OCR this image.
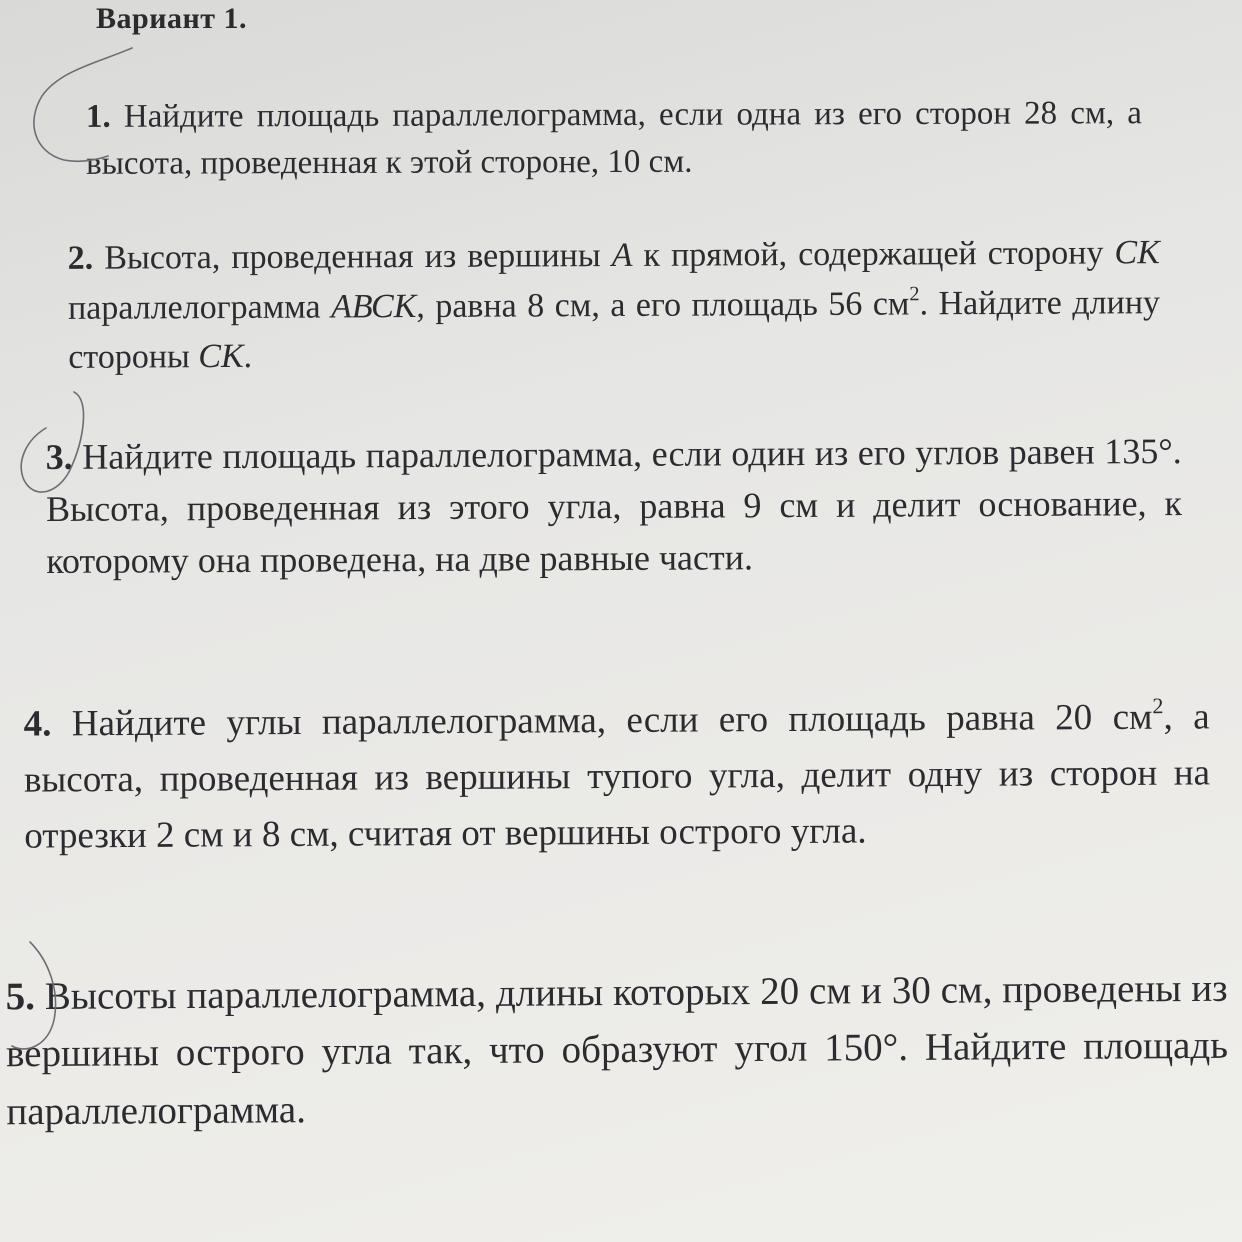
Вариант 1.
1. Найдите площадь параллелограмма, если одна из его сторон 28 см, а высота, проведенная к этой стороне, 10 см.
2. Высота, проведенная из вершины А к прямой, содержащей сторону СК параллелограмма АВСК, равна 8 см, а его площадь 56 $см^2$. Найдите длину стороны СК.
3. Найдите площадь параллелограмма, если один из его углов равен 135°. Высота, проведенная из этого угла, равна 9 см и делит основание, к которому она проведена, на две равные части.
4. Найдите углы параллелограмма, если его площадь равна 20 $см^2$, а высота, проведенная из вершины тупого угла, делит одну из сторон на отрезки 2 см и 8 см, считая от вершины острого угла.
5. Высоты параллелограмма, длины которых 20 см и 30 см, проведены из вершины острого угла так, что образуют угол 150°. Найдите площадь параллелограмма.
